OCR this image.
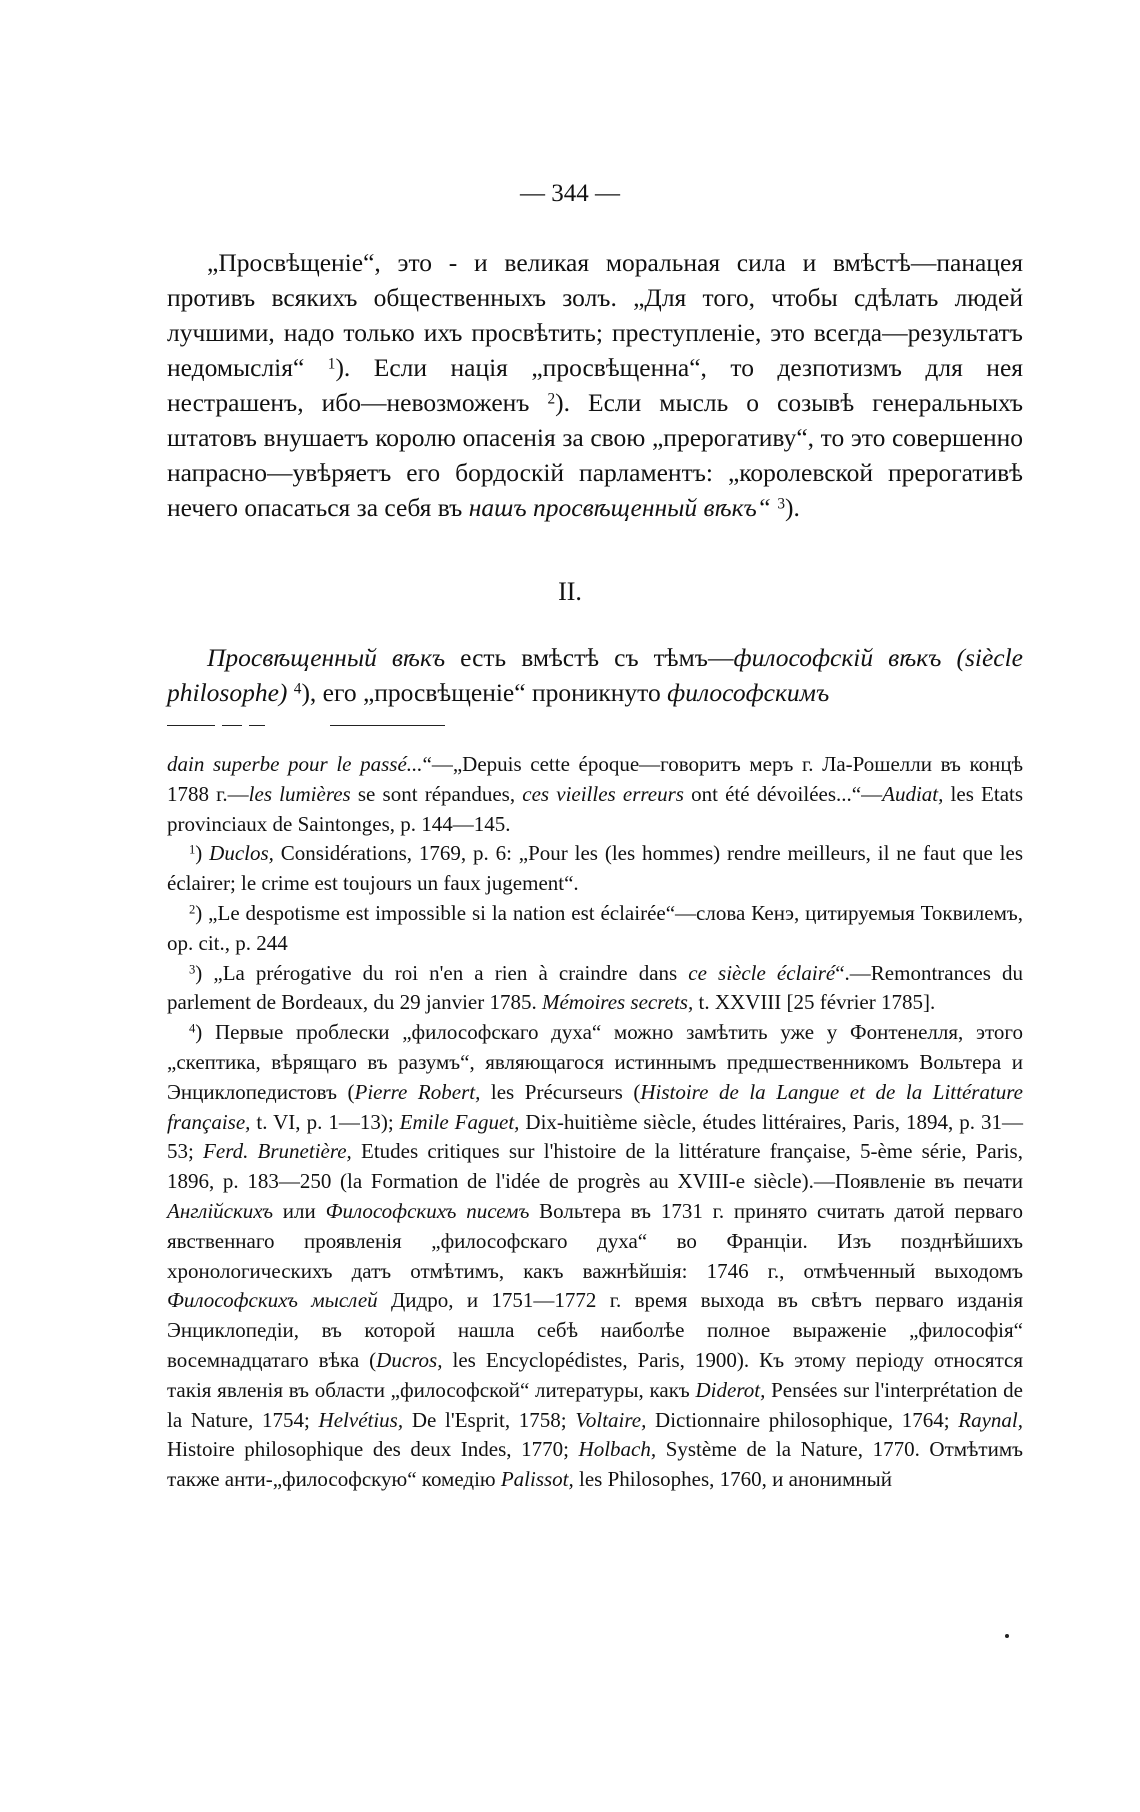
— 344 —

„Просвѣщеніе“, это - и великая моральная сила и вмѣстѣ—панацея противъ всякихъ общественныхъ золъ. „Для того, чтобы сдѣлать людей лучшими, надо только ихъ просвѣтить; преступленіе, это всегда—результатъ недомыслія“ $^1$). Если нація „просвѣщенна“, то дезпотизмъ для нея нестрашенъ, ибо—невозможенъ $^2$). Если мысль о созывѣ генеральныхъ штатовъ внушаетъ королю опасенія за свою „прерогативу“, то это совершенно напрасно—увѣряетъ его бордоскій парламентъ: „королевской прерогативѣ нечего опасаться за себя въ нашъ просвѣщенный вѣкъ“ $^3$).

II.

Просвѣщенный вѣкъ есть вмѣстѣ съ тѣмъ—философскій вѣкъ (siècle philosophe) $^4$), его „просвѣщеніе“ проникнуто философскимъ

dain superbe pour le passé...“—„Depuis cette époque—говоритъ меръ г. Ла-Рошелли въ концѣ 1788 г.—les lumières se sont répandues, ces vieilles erreurs ont été dévoilées...“—Audiat, les Etats provinciaux de Saintonges, p. 144—145.

$^1$) Duclos, Considérations, 1769, p. 6: „Pour les (les hommes) rendre meilleurs, il ne faut que les éclairer; le crime est toujours un faux jugement“.

$^2$) „Le despotisme est impossible si la nation est éclairée“—слова Кенэ, цитируемыя Токвилемъ, op. cit., p. 244

$^3$) „La prérogative du roi n'en a rien à craindre dans ce siècle éclairé“.—Remontrances du parlement de Bordeaux, du 29 janvier 1785. Mémoires secrets, t. XXVIII [25 février 1785].

$^4$) Первые проблески „философскаго духа“ можно замѣтить уже у Фонтенелля, этого „скептика, вѣрящаго въ разумъ“, являющагося истиннымъ предшественникомъ Вольтера и Энциклопедистовъ (Pierre Robert, les Précurseurs (Histoire de la Langue et de la Littérature française, t. VI, p. 1—13); Emile Faguet, Dix-huitième siècle, études littéraires, Paris, 1894, p. 31—53; Ferd. Brunetière, Etudes critiques sur l'histoire de la littérature française, 5-ème série, Paris, 1896, p. 183—250 (la Formation de l'idée de progrès au XVIII-e siècle).—Появленіе въ печати Англійскихъ или Философскихъ писемъ Вольтера въ 1731 г. принято считать датой перваго явственнаго проявленія „философскаго духа“ во Франціи. Изъ позднѣйшихъ хронологическихъ датъ отмѣтимъ, какъ важнѣйшія: 1746 г., отмѣченный выходомъ Философскихъ мыслей Дидро, и 1751—1772 г. время выхода въ свѣтъ перваго изданія Энциклопедіи, въ которой нашла себѣ наиболѣе полное выраженіе „философія“ восемнадцатаго вѣка (Ducros, les Encyclopédistes, Paris, 1900). Къ этому періоду относятся такія явленія въ области „философской“ литературы, какъ Diderot, Pensées sur l'interprétation de la Nature, 1754; Helvétius, De l'Esprit, 1758; Voltaire, Dictionnaire philosophique, 1764; Raynal, Histoire philosophique des deux Indes, 1770; Holbach, Système de la Nature, 1770. Отмѣтимъ также анти-„философскую“ комедію Palissot, les Philosophes, 1760, и анонимный
